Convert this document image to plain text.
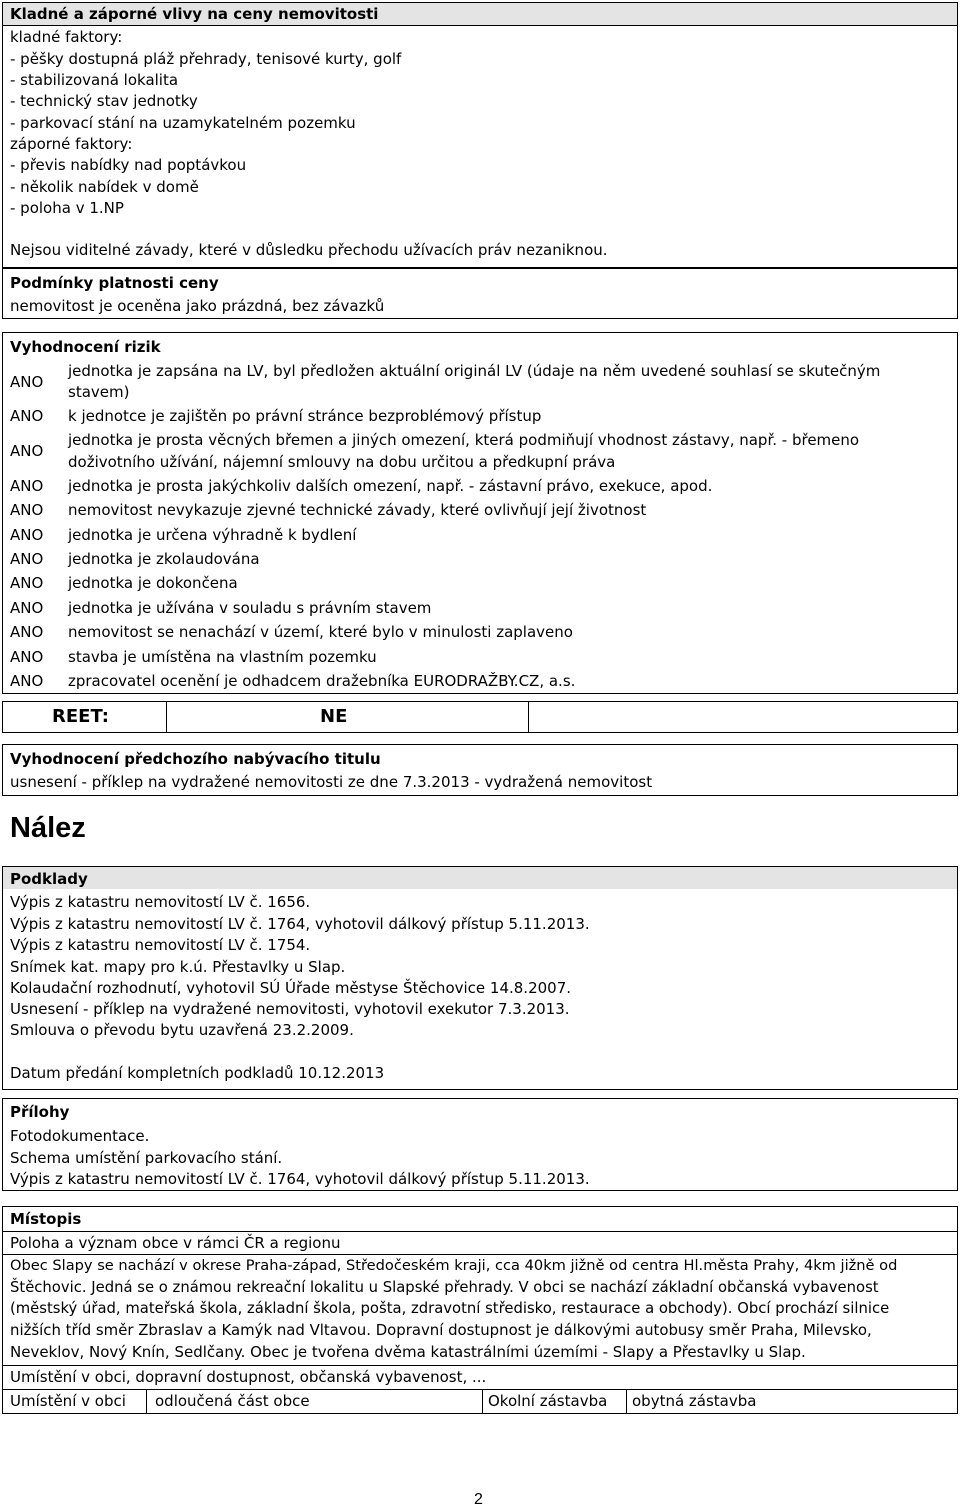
Kladné a záporné vlivy na ceny nemovitosti
kladné faktory:
- pěšky dostupná pláž přehrady, tenisové kurty, golf
- stabilizovaná lokalita
- technický stav jednotky
- parkovací stání na uzamykatelném pozemku
záporné faktory:
- převis nabídky nad poptávkou
- několik nabídek v domě
- poloha v 1.NP
Nejsou viditelné závady, které v důsledku přechodu užívacích práv nezaniknou.
Podmínky platnosti ceny
nemovitost je oceněna jako prázdná, bez závazků
Vyhodnocení rizik
ANO
jednotka je zapsána na LV, byl předložen aktuální originál LV (údaje na něm uvedené souhlasí se skutečným
stavem)
ANO k jednotce je zajištěn po právní stránce bezproblémový přístup
ANO
jednotka je prosta věcných břemen a jiných omezení, která podmiňují vhodnost zástavy, např. - břemeno
doživotního užívání, nájemní smlouvy na dobu určitou a předkupní práva
ANO jednotka je prosta jakýchkoliv dalších omezení, např. - zástavní právo, exekuce, apod.
ANO nemovitost nevykazuje zjevné technické závady, které ovlivňují její životnost
ANO jednotka je určena výhradně k bydlení
ANO jednotka je zkolaudována
ANO jednotka je dokončena
ANO jednotka je užívána v souladu s právním stavem
ANO nemovitost se nenachází v území, které bylo v minulosti zaplaveno
ANO stavba je umístěna na vlastním pozemku
ANO zpracovatel ocenění je odhadcem dražebníka EURODRAŽBY.CZ, a.s.
REET:	NE
Vyhodnocení předchozího nabývacího titulu
usnesení - příklep na vydražené nemovitosti ze dne 7.3.2013 - vydražená nemovitost
Nález
Podklady
Výpis z katastru nemovitostí LV č. 1656.
Výpis z katastru nemovitostí LV č. 1764, vyhotovil dálkový přístup 5.11.2013.
Výpis z katastru nemovitostí LV č. 1754.
Snímek kat. mapy pro k.ú. Přestavlky u Slap.
Kolaudační rozhodnutí, vyhotovil SÚ Úřade městyse Štěchovice 14.8.2007.
Usnesení - příklep na vydražené nemovitosti, vyhotovil exekutor 7.3.2013.
Smlouva o převodu bytu uzavřená 23.2.2009.
Datum předání kompletních podkladů 10.12.2013
Přílohy
Fotodokumentace.
Schema umístění parkovacího stání.
Výpis z katastru nemovitostí LV č. 1764, vyhotovil dálkový přístup 5.11.2013.
Místopis
Poloha a význam obce v rámci ČR a regionu
Obec Slapy se nachází v okrese Praha-západ, Středočeském kraji, cca 40km jižně od centra Hl.města Prahy, 4km jižně od
Štěchovic. Jedná se o známou rekreační lokalitu u Slapské přehrady. V obci se nachází základní občanská vybavenost
(městský úřad, mateřská škola, základní škola, pošta, zdravotní středisko, restaurace a obchody). Obcí prochází silnice
nižších tříd směr Zbraslav a Kamýk nad Vltavou. Dopravní dostupnost je dálkovými autobusy směr Praha, Milevsko,
Neveklov, Nový Knín, Sedlčany. Obec je tvořena dvěma katastrálními územími - Slapy a Přestavlky u Slap.
Umístění v obci, dopravní dostupnost, občanská vybavenost, ...
Umístění v obci odloučená část obce	Okolní zástavba obytná zástavba
2
